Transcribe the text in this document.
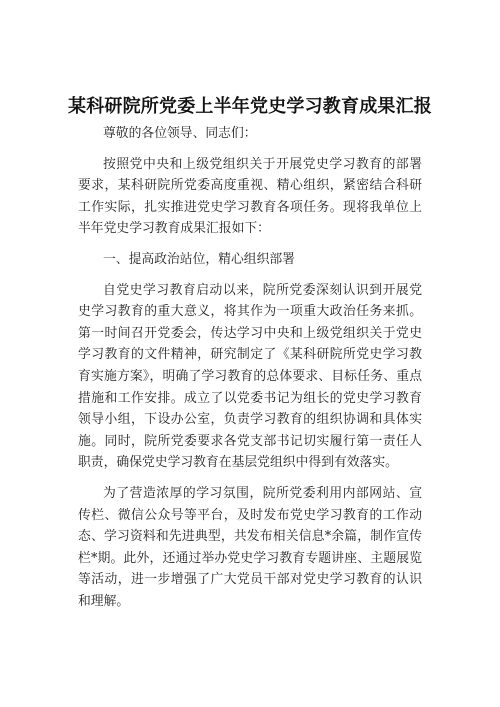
某科研院所党委上半年党史学习教育成果汇报

尊敬的各位领导、同志们：

按照党中央和上级党组织关于开展党史学习教育的部署要求，某科研院所党委高度重视、精心组织，紧密结合科研工作实际，扎实推进党史学习教育各项任务。现将我单位上半年党史学习教育成果汇报如下：

一、提高政治站位，精心组织部署

自党史学习教育启动以来，院所党委深刻认识到开展党史学习教育的重大意义，将其作为一项重大政治任务来抓。第一时间召开党委会，传达学习中央和上级党组织关于党史学习教育的文件精神，研究制定了《某科研院所党史学习教育实施方案》，明确了学习教育的总体要求、目标任务、重点措施和工作安排。成立了以党委书记为组长的党史学习教育领导小组，下设办公室，负责学习教育的组织协调和具体实施。同时，院所党委要求各党支部书记切实履行第一责任人职责，确保党史学习教育在基层党组织中得到有效落实。

为了营造浓厚的学习氛围，院所党委利用内部网站、宣传栏、微信公众号等平台，及时发布党史学习教育的工作动态、学习资料和先进典型，共发布相关信息*余篇，制作宣传栏*期。此外，还通过举办党史学习教育专题讲座、主题展览等活动，进一步增强了广大党员干部对党史学习教育的认识和理解。
